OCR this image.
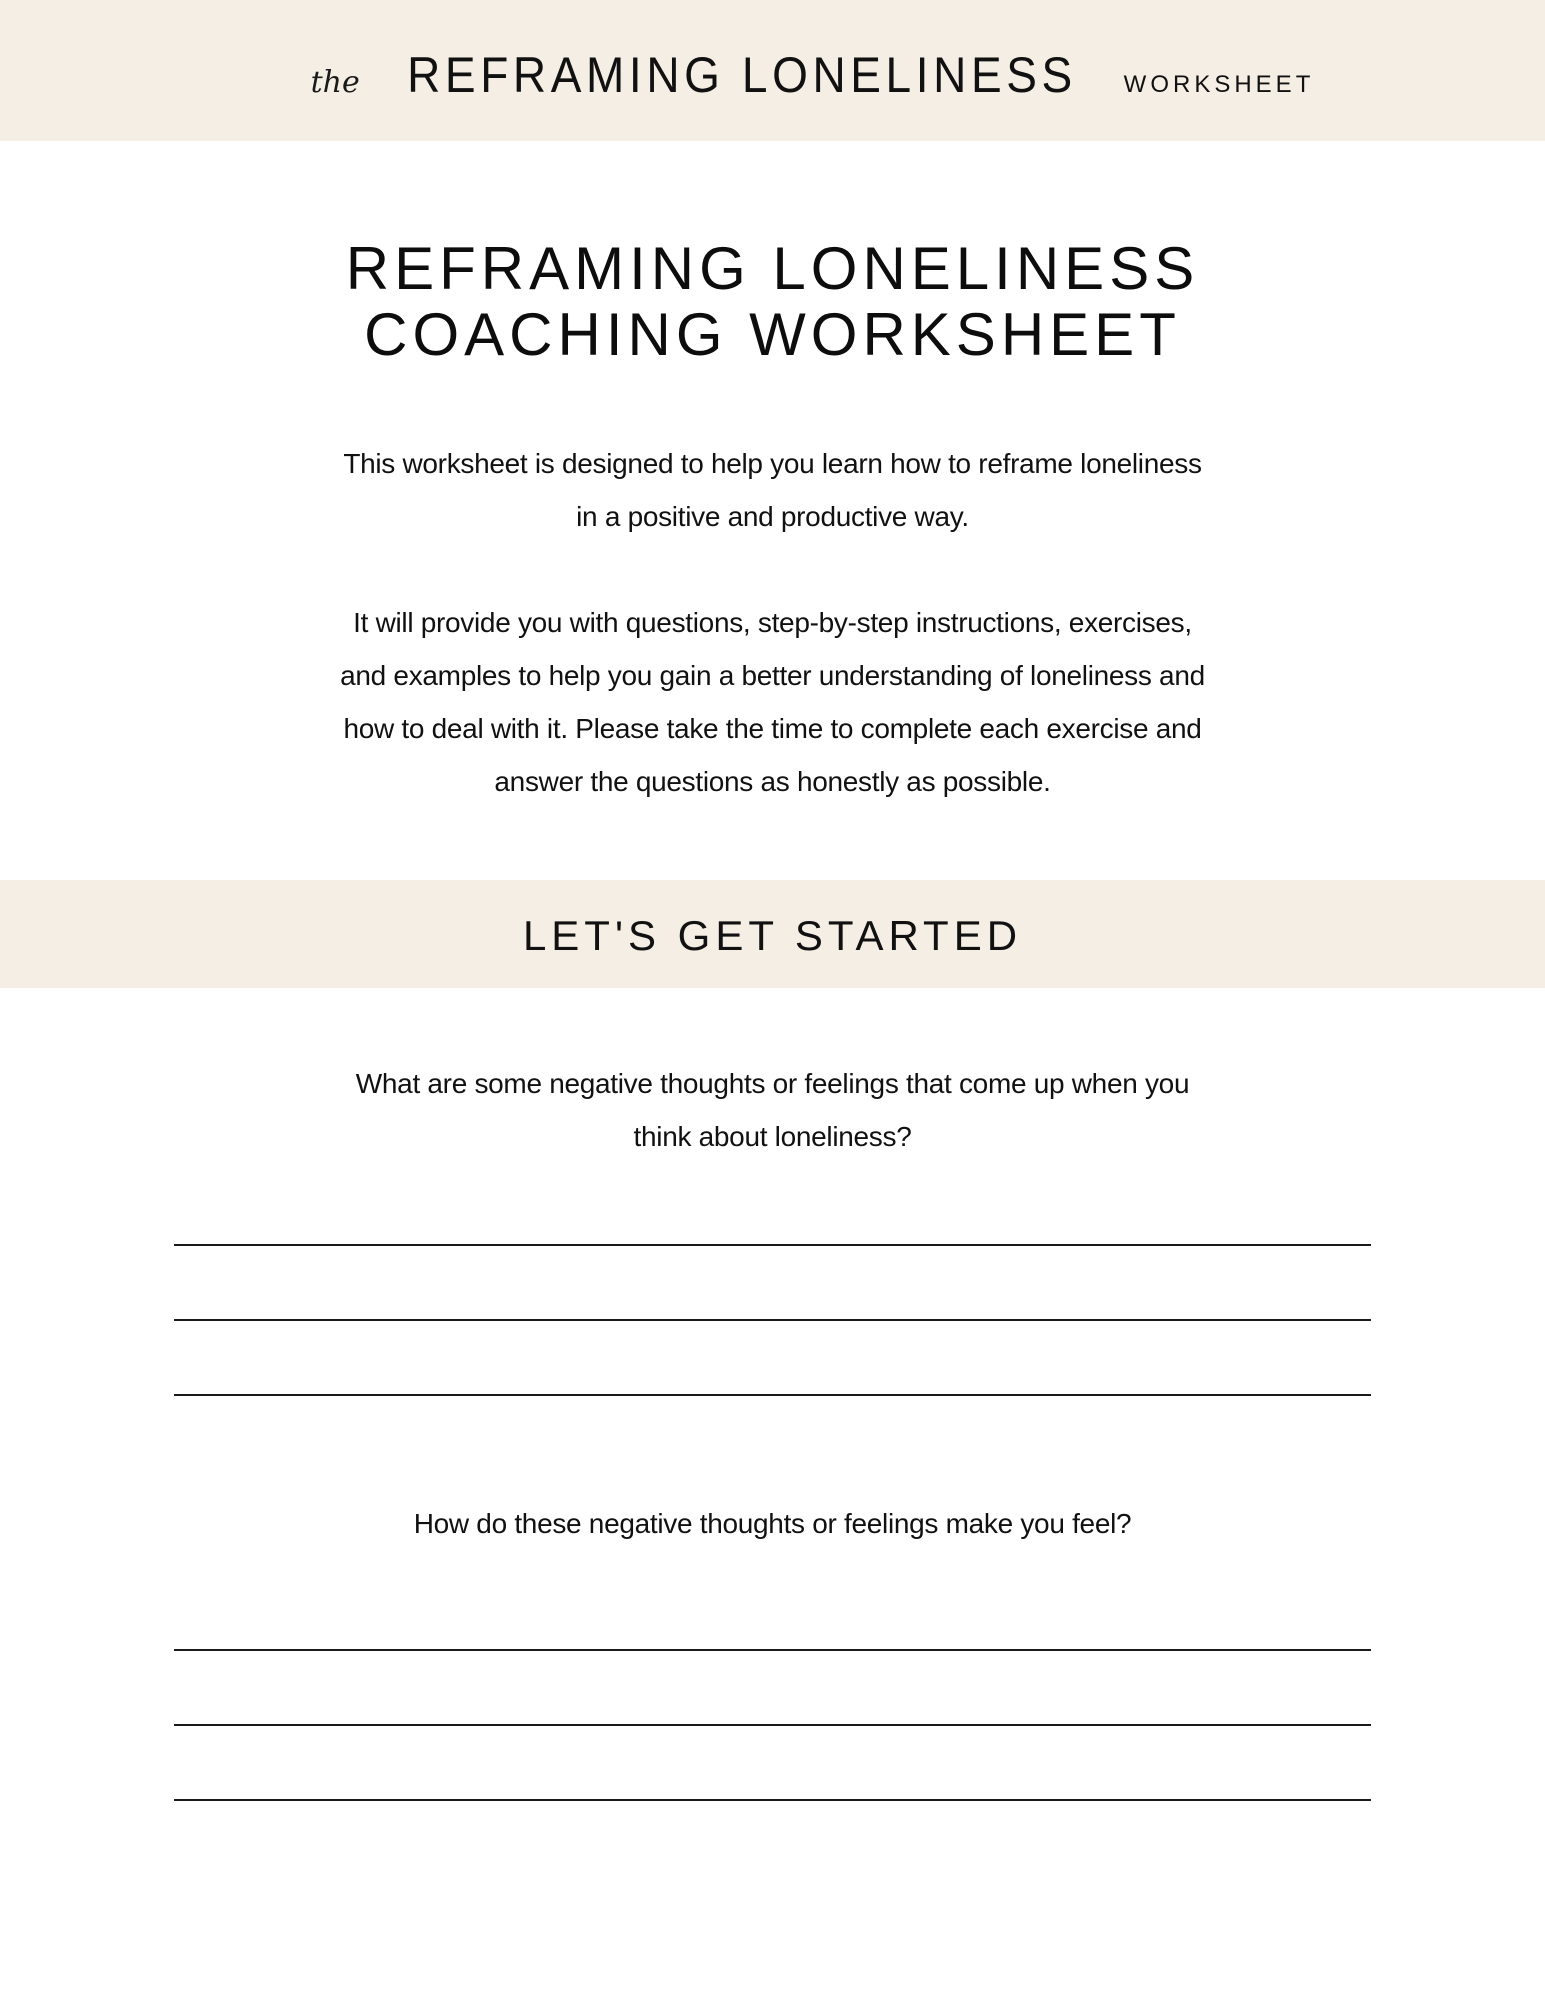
the REFRAMING LONELINESS WORKSHEET
REFRAMING LONELINESS
COACHING WORKSHEET

This worksheet is designed to help you learn how to reframe loneliness
in a positive and productive way.

It will provide you with questions, step-by-step instructions, exercises,
and examples to help you gain a better understanding of loneliness and
how to deal with it. Please take the time to complete each exercise and
answer the questions as honestly as possible.

LET'S GET STARTED

What are some negative thoughts or feelings that come up when you
think about loneliness?

How do these negative thoughts or feelings make you feel?
